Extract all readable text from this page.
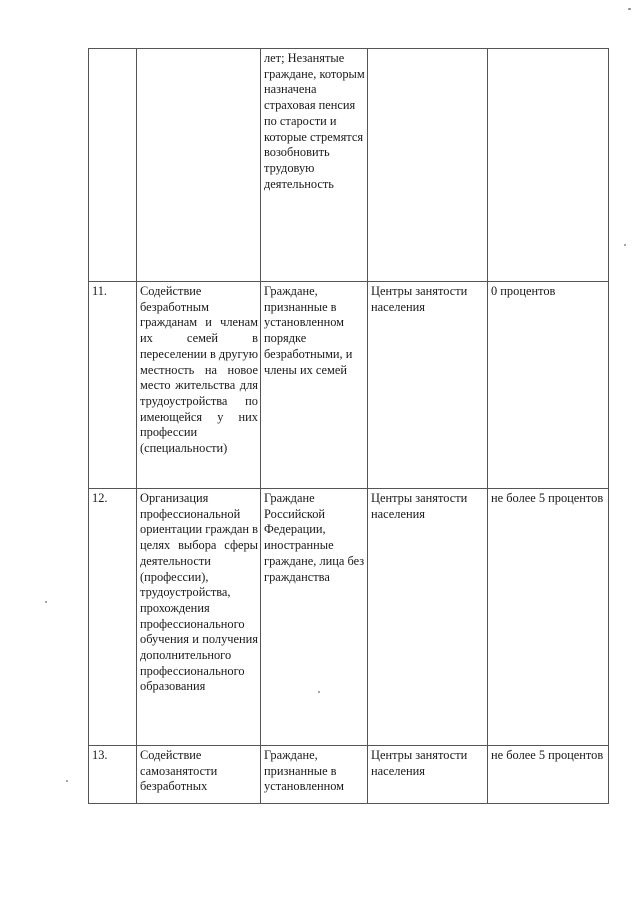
		лет; Незанятые граждане, которым назначена страховая пенсия по старости и которые стремятся возобновить трудовую деятельность		
11.	Содействие безработным гражданам и членам их семей в переселении в другую местность на новое место жительства для трудоустройства по имеющейся у них профессии (специальности)	Граждане, признанные в установленном порядке безработными, и члены их семей	Центры занятости населения	0 процентов
12.	Организация профессиональной ориентации граждан в целях выбора сферы деятельности (профессии), трудоустройства, прохождения профессионального обучения и получения дополнительного профессионального образования	Граждане Российской Федерации, иностранные граждане, лица без гражданства	Центры занятости населения	не более 5 процентов
13.	Содействие самозанятости безработных	Граждане, признанные в установленном	Центры занятости населения	не более 5 процентов
